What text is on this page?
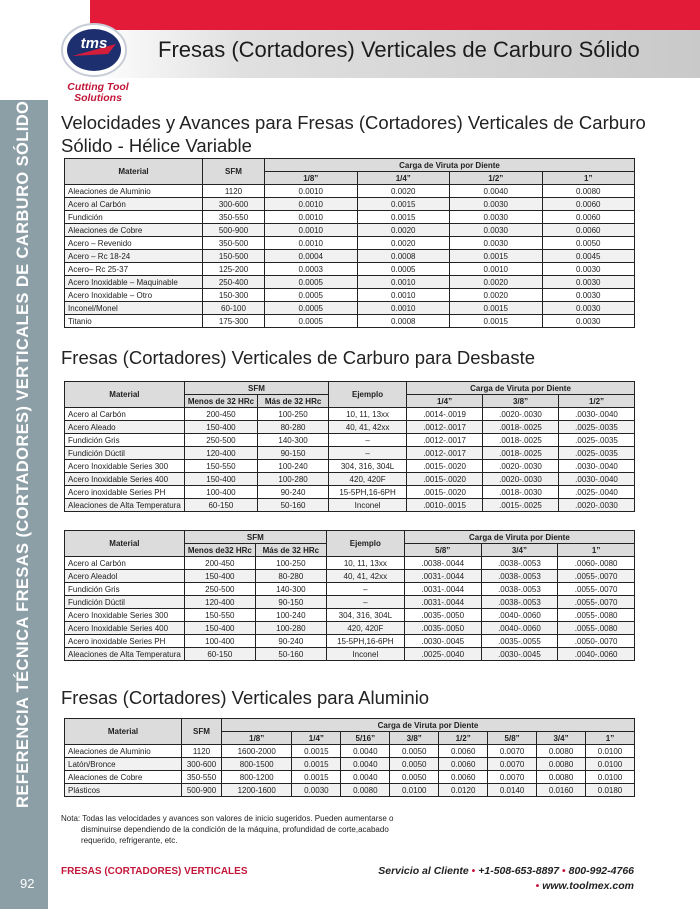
Fresas (Cortadores) Verticales de Carburo Sólido
tms
Cutting Tool
Solutions
REFERENCIA TÉCNICA FRESAS (CORTADORES) VERTICALES DE CARBURO SÓLIDO
92
Velocidades y Avances para Fresas (Cortadores) Verticales de Carburo Sólido - Hélice Variable
Material	SFM	Carga de Viruta por Diente			
		1/8”	1/4”	1/2”	1”
Aleaciones de Aluminio	1120	0.0010	0.0020	0.0040	0.0080
Acero al Carbón	300-600	0.0010	0.0015	0.0030	0.0060
Fundición	350-550	0.0010	0.0015	0.0030	0.0060
Aleaciones de Cobre	500-900	0.0010	0.0020	0.0030	0.0060
Acero – Revenido	350-500	0.0010	0.0020	0.0030	0.0050
Acero – Rc 18-24	150-500	0.0004	0.0008	0.0015	0.0045
Acero– Rc 25-37	125-200	0.0003	0.0005	0.0010	0.0030
Acero Inoxidable – Maquinable	250-400	0.0005	0.0010	0.0020	0.0030
Acero Inoxidable – Otro	150-300	0.0005	0.0010	0.0020	0.0030
Inconel/Monel	60-100	0.0005	0.0010	0.0015	0.0030
Titanio	175-300	0.0005	0.0008	0.0015	0.0030
Fresas (Cortadores) Verticales de Carburo para Desbaste
Material	SFM		Ejemplo	Carga de Viruta por Diente		
	Menos de 32 HRc	Más de 32 HRc		1/4”	3/8”	1/2”
Acero al Carbón	200-450	100-250	10, 11, 13xx	.0014-.0019	.0020-.0030	.0030-.0040
Acero Aleado	150-400	80-280	40, 41, 42xx	.0012-.0017	.0018-.0025	.0025-.0035
Fundición Gris	250-500	140-300	–	.0012-.0017	.0018-.0025	.0025-.0035
Fundición Dúctil	120-400	90-150	–	.0012-.0017	.0018-.0025	.0025-.0035
Acero Inoxidable Series 300	150-550	100-240	304, 316, 304L	.0015-.0020	.0020-.0030	.0030-.0040
Acero Inoxidable Series 400	150-400	100-280	420, 420F	.0015-.0020	.0020-.0030	.0030-.0040
Acero inoxidable Series PH	100-400	90-240	15-5PH,16-6PH	.0015-.0020	.0018-.0030	.0025-.0040
Aleaciones de Alta Temperatura	60-150	50-160	Inconel	.0010-.0015	.0015-.0025	.0020-.0030
Material	SFM		Ejemplo	Carga de Viruta por Diente		
	Menos de32 HRc	Más de 32 HRc		5/8”	3/4”	1”
Acero al Carbón	200-450	100-250	10, 11, 13xx	.0038-.0044	.0038-.0053	.0060-.0080
Acero Aleadol	150-400	80-280	40, 41, 42xx	.0031-.0044	.0038-.0053	.0055-.0070
Fundición Gris	250-500	140-300	–	.0031-.0044	.0038-.0053	.0055-.0070
Fundición Dúctil	120-400	90-150	–	.0031-.0044	.0038-.0053	.0055-.0070
Acero Inoxidable Series 300	150-550	100-240	304, 316, 304L	.0035-.0050	.0040-.0060	.0055-.0080
Acero Inoxidable Series 400	150-400	100-280	420, 420F	.0035-.0050	.0040-.0060	.0055-.0080
Acero inoxidable Series PH	100-400	90-240	15-5PH,16-6PH	.0030-.0045	.0035-.0055	.0050-.0070
Aleaciones de Alta Temperatura	60-150	50-160	Inconel	.0025-.0040	.0030-.0045	.0040-.0060
Fresas (Cortadores) Verticales para Aluminio
Material	SFM	Carga de Viruta por Diente							
		1/8”	1/4”	5/16”	3/8”	1/2”	5/8”	3/4”	1”
Aleaciones de Aluminio	1120	1600-2000	0.0015	0.0040	0.0050	0.0060	0.0070	0.0080	0.0100
Latón/Bronce	300-600	800-1500	0.0015	0.0040	0.0050	0.0060	0.0070	0.0080	0.0100
Aleaciones de Cobre	350-550	800-1200	0.0015	0.0040	0.0050	0.0060	0.0070	0.0080	0.0100
Plásticos	500-900	1200-1600	0.0030	0.0080	0.0100	0.0120	0.0140	0.0160	0.0180
Nota: Todas las velocidades y avances son valores de inicio sugeridos. Pueden aumentarse o
disminuirse dependiendo de la condición de la máquina, profundidad de corte,acabado
requerido, refrigerante, etc.
FRESAS (CORTADORES) VERTICALES	Servicio al Cliente • +1-508-653-8897 • 800-992-4766
• www.toolmex.com
